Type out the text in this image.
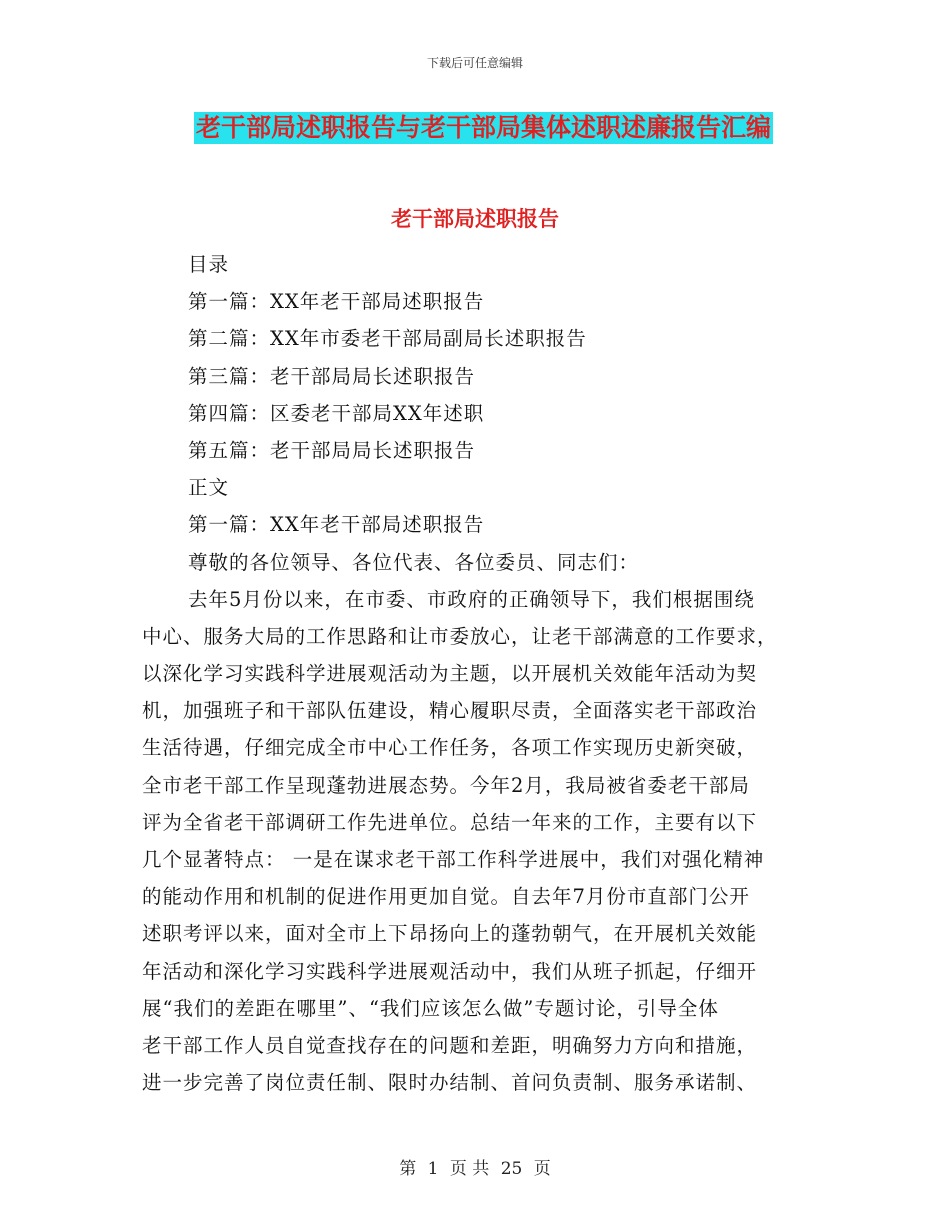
下载后可任意编辑
老干部局述职报告与老干部局集体述职述廉报告汇编
老干部局述职报告
目录
第一篇：XX年老干部局述职报告
第二篇：XX年市委老干部局副局长述职报告
第三篇：老干部局局长述职报告
第四篇：区委老干部局XX年述职
第五篇：老干部局局长述职报告
正文
第一篇：XX年老干部局述职报告
尊敬的各位领导、各位代表、各位委员、同志们：
去年5月份以来，在市委、市政府的正确领导下，我们根据围绕
中心、服务大局的工作思路和让市委放心，让老干部满意的工作要求，
以深化学习实践科学进展观活动为主题，以开展机关效能年活动为契
机，加强班子和干部队伍建设，精心履职尽责，全面落实老干部政治
生活待遇，仔细完成全市中心工作任务，各项工作实现历史新突破，
全市老干部工作呈现蓬勃进展态势。今年2月，我局被省委老干部局
评为全省老干部调研工作先进单位。总结一年来的工作，主要有以下
几个显著特点： 一是在谋求老干部工作科学进展中，我们对强化精神
的能动作用和机制的促进作用更加自觉。自去年7月份市直部门公开
述职考评以来，面对全市上下昂扬向上的蓬勃朝气，在开展机关效能
年活动和深化学习实践科学进展观活动中，我们从班子抓起，仔细开
展“我们的差距在哪里”、“我们应该怎么做”专题讨论，引导全体
老干部工作人员自觉查找存在的问题和差距，明确努力方向和措施，
进一步完善了岗位责任制、限时办结制、首问负责制、服务承诺制、
第 1 页 共 25 页
